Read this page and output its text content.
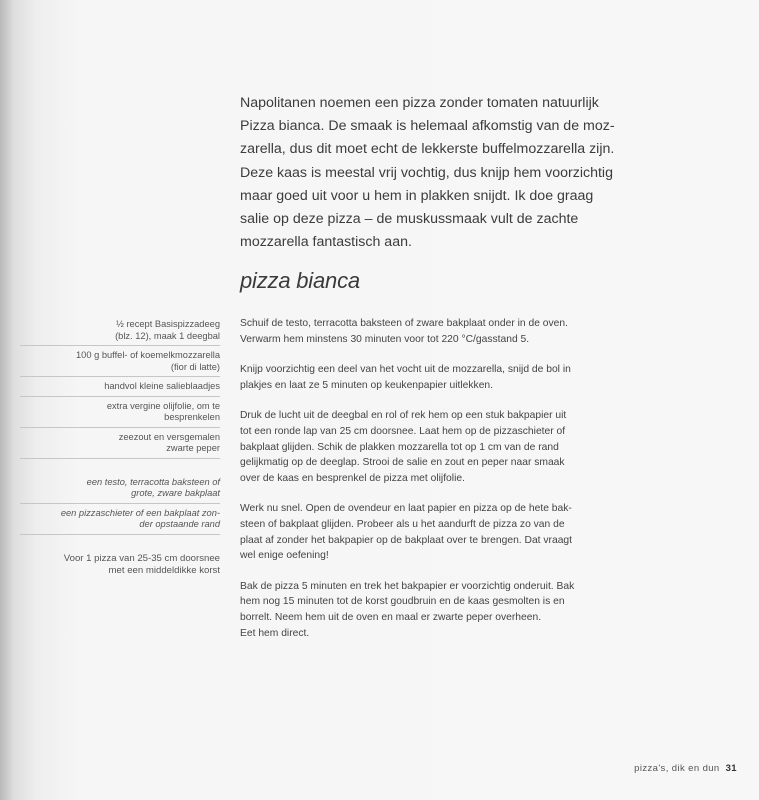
Napolitanen noemen een pizza zonder tomaten natuurlijk
Pizza bianca. De smaak is helemaal afkomstig van de moz-
zarella, dus dit moet echt de lekkerste buffelmozzarella zijn.
Deze kaas is meestal vrij vochtig, dus knijp hem voorzichtig
maar goed uit voor u hem in plakken snijdt. Ik doe graag
salie op deze pizza – de muskussmaak vult de zachte
mozzarella fantastisch aan.
pizza bianca
½ recept Basispizzadeeg
(blz. 12), maak 1 deegbal
100 g buffel- of koemelkmozzarella
(fior di latte)
handvol kleine salieblaadjes
extra vergine olijfolie, om te
besprenkelen
zeezout en versgemalen
zwarte peper
een testo, terracotta baksteen of
grote, zware bakplaat
een pizzaschieter of een bakplaat zon-
der opstaande rand
Voor 1 pizza van 25-35 cm doorsnee
met een middeldikke korst
Schuif de testo, terracotta baksteen of zware bakplaat onder in de oven.
Verwarm hem minstens 30 minuten voor tot 220 °C/gasstand 5.
Knijp voorzichtig een deel van het vocht uit de mozzarella, snijd de bol in
plakjes en laat ze 5 minuten op keukenpapier uitlekken.
Druk de lucht uit de deegbal en rol of rek hem op een stuk bakpapier uit
tot een ronde lap van 25 cm doorsnee. Laat hem op de pizzaschieter of
bakplaat glijden. Schik de plakken mozzarella tot op 1 cm van de rand
gelijkmatig op de deeglap. Strooi de salie en zout en peper naar smaak
over de kaas en besprenkel de pizza met olijfolie.
Werk nu snel. Open de ovendeur en laat papier en pizza op de hete bak-
steen of bakplaat glijden. Probeer als u het aandurft de pizza zo van de
plaat af zonder het bakpapier op de bakplaat over te brengen. Dat vraagt
wel enige oefening!
Bak de pizza 5 minuten en trek het bakpapier er voorzichtig onderuit. Bak
hem nog 15 minuten tot de korst goudbruin en de kaas gesmolten is en
borrelt. Neem hem uit de oven en maal er zwarte peper overheen.
Eet hem direct.
pizza's, dik en dun 31
